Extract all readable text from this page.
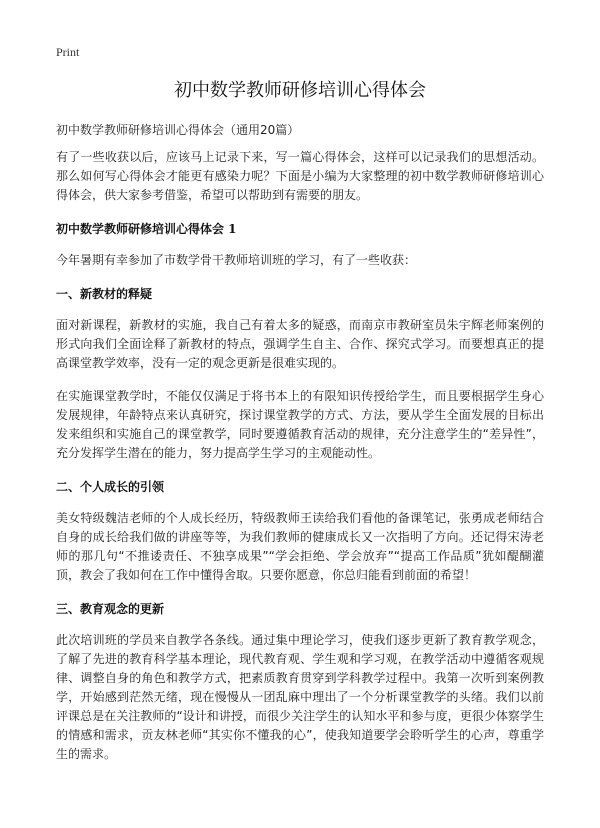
Print
初中数学教师研修培训心得体会

初中数学教师研修培训心得体会（通用20篇）

有了一些收获以后，应该马上记录下来，写一篇心得体会，这样可以记录我们的思想活动。那么如何写心得体会才能更有感染力呢？下面是小编为大家整理的初中数学教师研修培训心得体会，供大家参考借鉴，希望可以帮助到有需要的朋友。

初中数学教师研修培训心得体会 1

今年暑期有幸参加了市数学骨干教师培训班的学习，有了一些收获：

一、新教材的释疑

面对新课程，新教材的实施，我自己有着太多的疑惑，而南京市教研室员朱宇辉老师案例的形式向我们全面诠释了新教材的特点，强调学生自主、合作、探究式学习。而要想真正的提高课堂教学效率，没有一定的观念更新是很难实现的。

在实施课堂教学时，不能仅仅满足于将书本上的有限知识传授给学生，而且要根据学生身心发展规律，年龄特点来认真研究，探讨课堂教学的方式、方法，要从学生全面发展的目标出发来组织和实施自己的课堂教学，同时要遵循教育活动的规律，充分注意学生的“差异性”，充分发挥学生潜在的能力，努力提高学生学习的主观能动性。

二、个人成长的引领

美女特级魏洁老师的个人成长经历，特级教师王读给我们看他的备课笔记，张勇成老师结合自身的成长给我们做的讲座等等，为我们教师的健康成长又一次指明了方向。还记得宋涛老师的那几句“不推诿责任、不独享成果”“学会拒绝、学会放弃”“提高工作品质”犹如醍醐灌顶，教会了我如何在工作中懂得舍取。只要你愿意，你总归能看到前面的希望！

三、教育观念的更新

此次培训班的学员来自教学各条线。通过集中理论学习，使我们逐步更新了教育教学观念，了解了先进的教育科学基本理论，现代教育观、学生观和学习观，在教学活动中遵循客观规律、调整自身的角色和教学方式，把素质教育贯穿到学科教学过程中。我第一次听到案例教学，开始感到茫然无绪，现在慢慢从一团乱麻中理出了一个分析课堂教学的头绪。我们以前评课总是在关注教师的“设计和讲授，而很少关注学生的认知水平和参与度，更很少体察学生的情感和需求，贡友林老师“其实你不懂我的心”，使我知道要学会聆听学生的心声，尊重学生的需求。
